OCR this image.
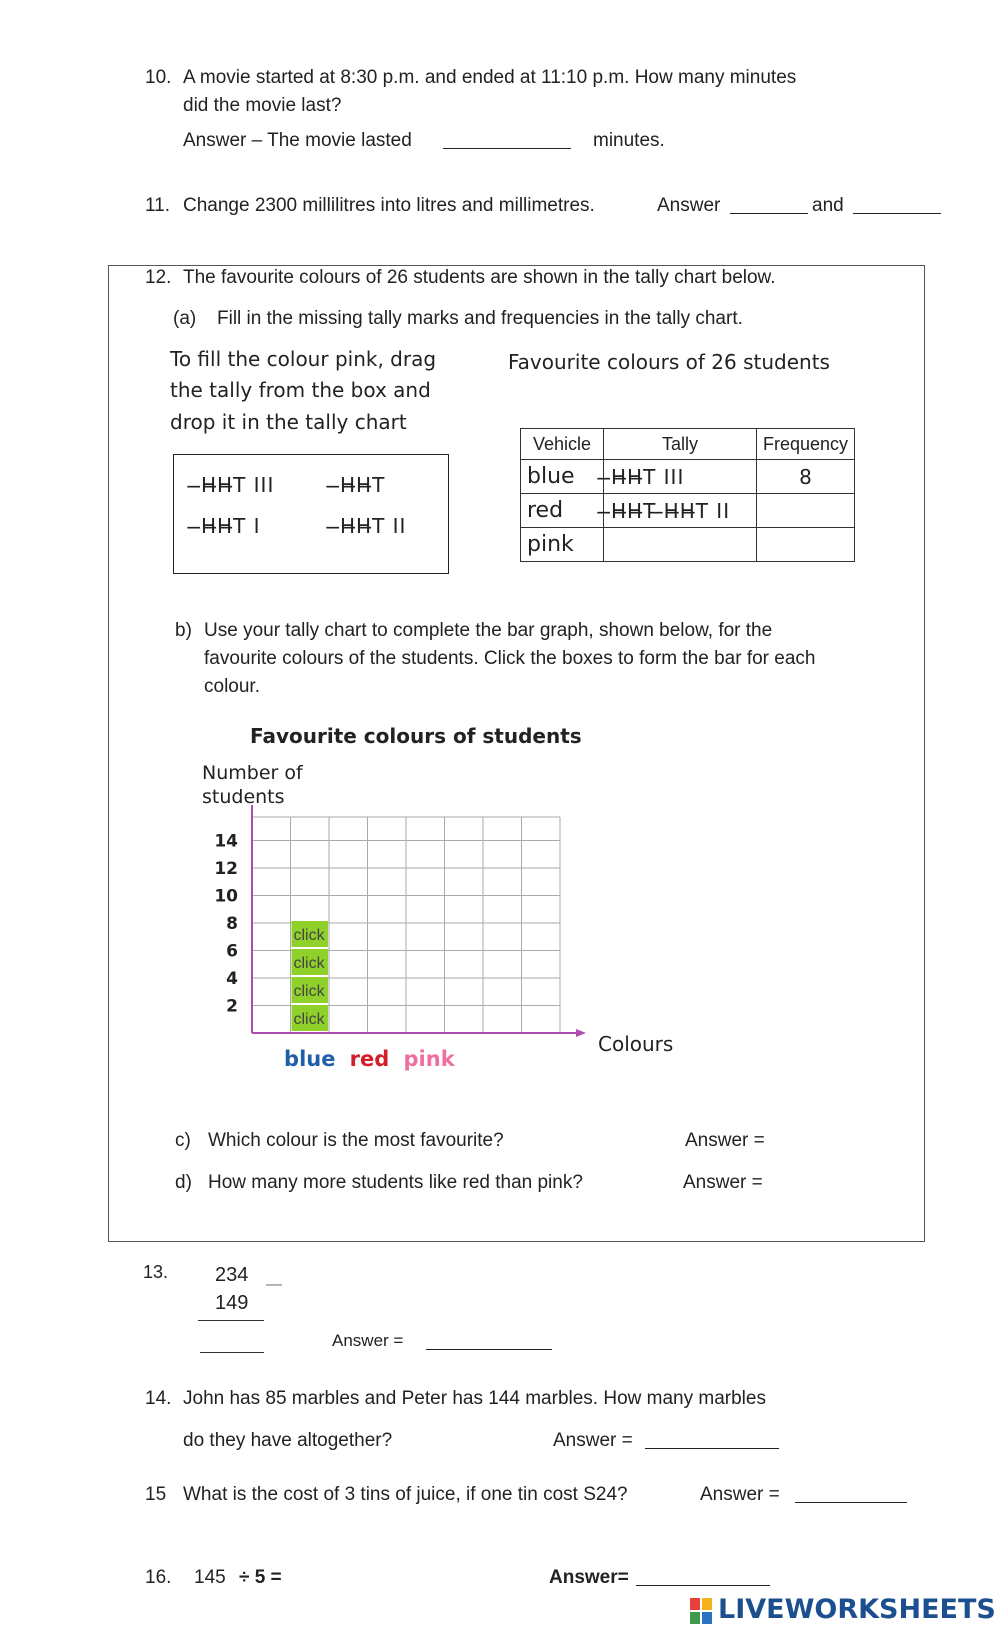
10. A movie started at 8:30 p.m. and ended at 11:10 p.m. How many minutes
did the movie last?
Answer – The movie lasted	minutes.
11. Change 2300 millilitres into litres and millimetres.	Answer	and
12. The favourite colours of 26 students are shown in the tally chart below.
(a) Fill in the missing tally marks and frequencies in the tally chart.
To fill the colour pink, drag
the tally from the box and
drop it in the tally chart
̶H̶H̶T III	̶H̶H̶T
̶H̶H̶T I	̶H̶H̶T II
Favourite colours of 26 students
Vehicle	Tally	Frequency
blue	̶H̶H̶T III	8
red	̶H̶H̶T ̶H̶H̶T II	
pink		
b) Use your tally chart to complete the bar graph, shown below, for the
favourite colours of the students. Click the boxes to form the bar for each
colour.
Favourite colours of students
Number of
students
2
4
6
8
10
12
14
blue red pink
click
click
click
click
Colours
c) Which colour is the most favourite?	Answer =
d) How many more students like red than pink?	Answer =
13. 234 —
149
Answer =
14. John has 85 marbles and Peter has 144 marbles. How many marbles
do they have altogether?	Answer =
15 What is the cost of 3 tins of juice, if one tin cost S24?	Answer =
16. 145 ÷ 5 =	Answer=
LIVEWORKSHEETS
